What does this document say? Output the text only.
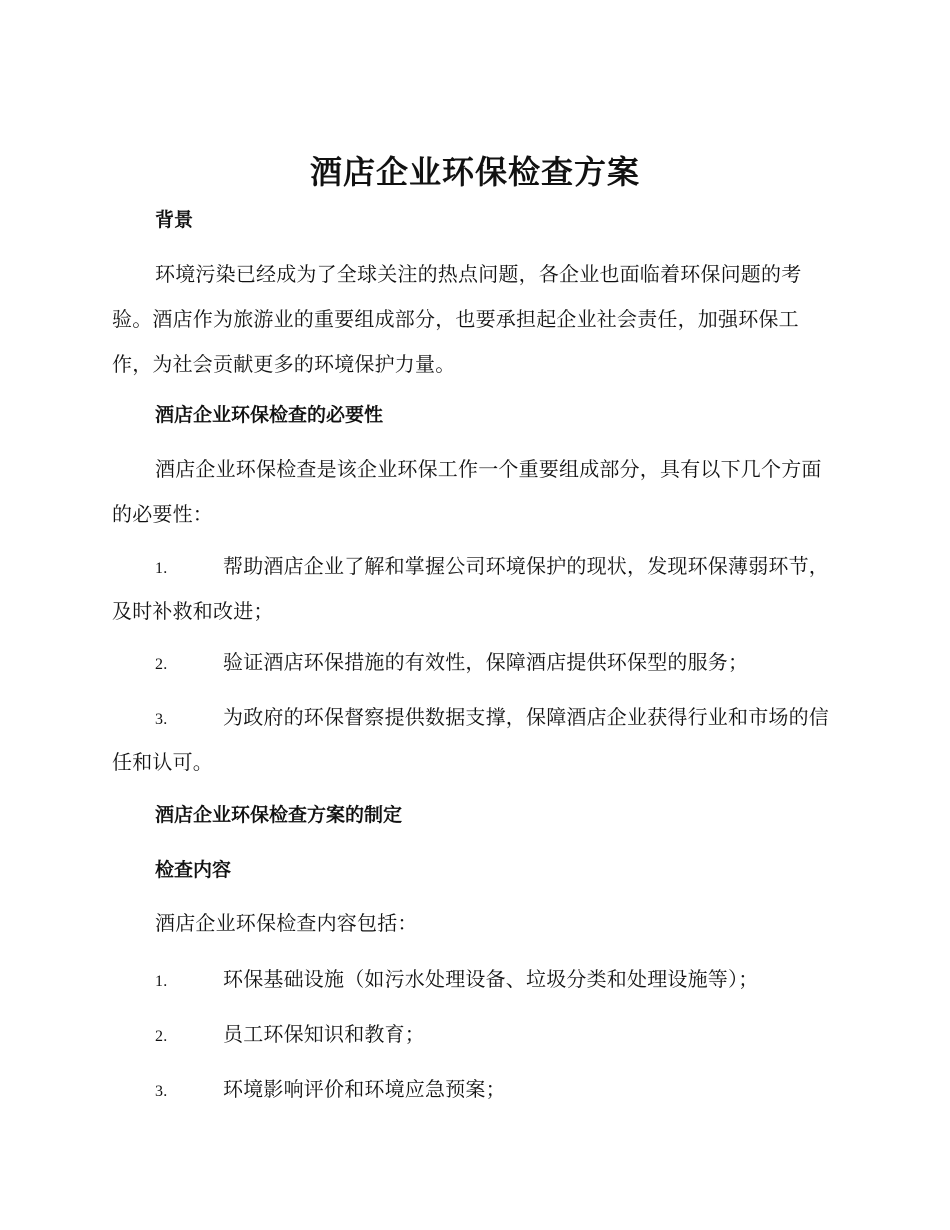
酒店企业环保检查方案
背景

环境污染已经成为了全球关注的热点问题，各企业也面临着环保问题的考验。酒店作为旅游业的重要组成部分，也要承担起企业社会责任，加强环保工作，为社会贡献更多的环境保护力量。

酒店企业环保检查的必要性

酒店企业环保检查是该企业环保工作一个重要组成部分，具有以下几个方面的必要性：

1.	帮助酒店企业了解和掌握公司环境保护的现状，发现环保薄弱环节，及时补救和改进；

2.	验证酒店环保措施的有效性，保障酒店提供环保型的服务；

3.	为政府的环保督察提供数据支撑，保障酒店企业获得行业和市场的信任和认可。

酒店企业环保检查方案的制定
检查内容

酒店企业环保检查内容包括：

1.	环保基础设施（如污水处理设备、垃圾分类和处理设施等）；

2.	员工环保知识和教育；

3.	环境影响评价和环境应急预案；
